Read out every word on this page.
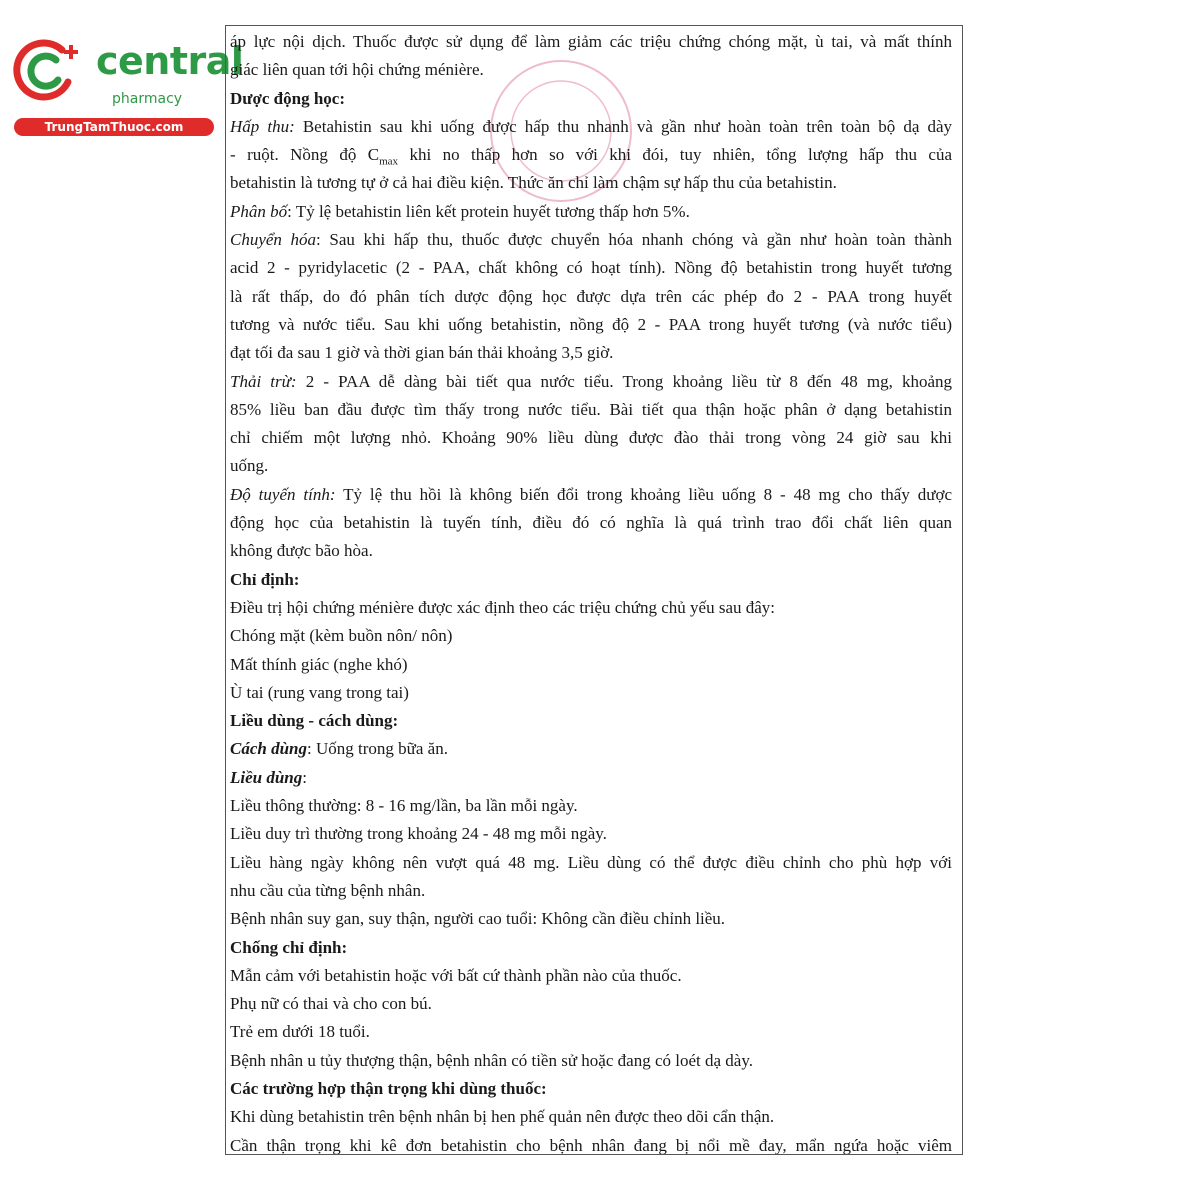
central
pharmacy
TrungTamThuoc.com
áp lực nội dịch. Thuốc được sử dụng để làm giảm các triệu chứng chóng mặt, ù tai, và mất thính
giác liên quan tới hội chứng ménière.
Dược động học:
Hấp thu: Betahistin sau khi uống được hấp thu nhanh và gần như hoàn toàn trên toàn bộ dạ dày
- ruột. Nồng độ $C_{max}$ khi no thấp hơn so với khi đói, tuy nhiên, tổng lượng hấp thu của
betahistin là tương tự ở cả hai điều kiện. Thức ăn chỉ làm chậm sự hấp thu của betahistin.
Phân bố: Tỷ lệ betahistin liên kết protein huyết tương thấp hơn 5%.
Chuyển hóa: Sau khi hấp thu, thuốc được chuyển hóa nhanh chóng và gần như hoàn toàn thành
acid 2 - pyridylacetic (2 - PAA, chất không có hoạt tính). Nồng độ betahistin trong huyết tương
là rất thấp, do đó phân tích dược động học được dựa trên các phép đo 2 - PAA trong huyết
tương và nước tiểu. Sau khi uống betahistin, nồng độ 2 - PAA trong huyết tương (và nước tiểu)
đạt tối đa sau 1 giờ và thời gian bán thải khoảng 3,5 giờ.
Thải trừ: 2 - PAA dễ dàng bài tiết qua nước tiểu. Trong khoảng liều từ 8 đến 48 mg, khoảng
85% liều ban đầu được tìm thấy trong nước tiểu. Bài tiết qua thận hoặc phân ở dạng betahistin
chỉ chiếm một lượng nhỏ. Khoảng 90% liều dùng được đào thải trong vòng 24 giờ sau khi
uống.
Độ tuyến tính: Tỷ lệ thu hồi là không biến đổi trong khoảng liều uống 8 - 48 mg cho thấy dược
động học của betahistin là tuyến tính, điều đó có nghĩa là quá trình trao đổi chất liên quan
không được bão hòa.
Chỉ định:
Điều trị hội chứng ménière được xác định theo các triệu chứng chủ yếu sau đây:
Chóng mặt (kèm buồn nôn/ nôn)
Mất thính giác (nghe khó)
Ù tai (rung vang trong tai)
Liều dùng - cách dùng:
Cách dùng: Uống trong bữa ăn.
Liều dùng:
Liều thông thường: 8 - 16 mg/lần, ba lần mỗi ngày.
Liều duy trì thường trong khoảng 24 - 48 mg mỗi ngày.
Liều hàng ngày không nên vượt quá 48 mg. Liều dùng có thể được điều chỉnh cho phù hợp với
nhu cầu của từng bệnh nhân.
Bệnh nhân suy gan, suy thận, người cao tuổi: Không cần điều chỉnh liều.
Chống chỉ định:
Mẫn cảm với betahistin hoặc với bất cứ thành phần nào của thuốc.
Phụ nữ có thai và cho con bú.
Trẻ em dưới 18 tuổi.
Bệnh nhân u tủy thượng thận, bệnh nhân có tiền sử hoặc đang có loét dạ dày.
Các trường hợp thận trọng khi dùng thuốc:
Khi dùng betahistin trên bệnh nhân bị hen phế quản nên được theo dõi cẩn thận.
Cần thận trọng khi kê đơn betahistin cho bệnh nhân đang bị nổi mề đay, mẩn ngứa hoặc viêm
